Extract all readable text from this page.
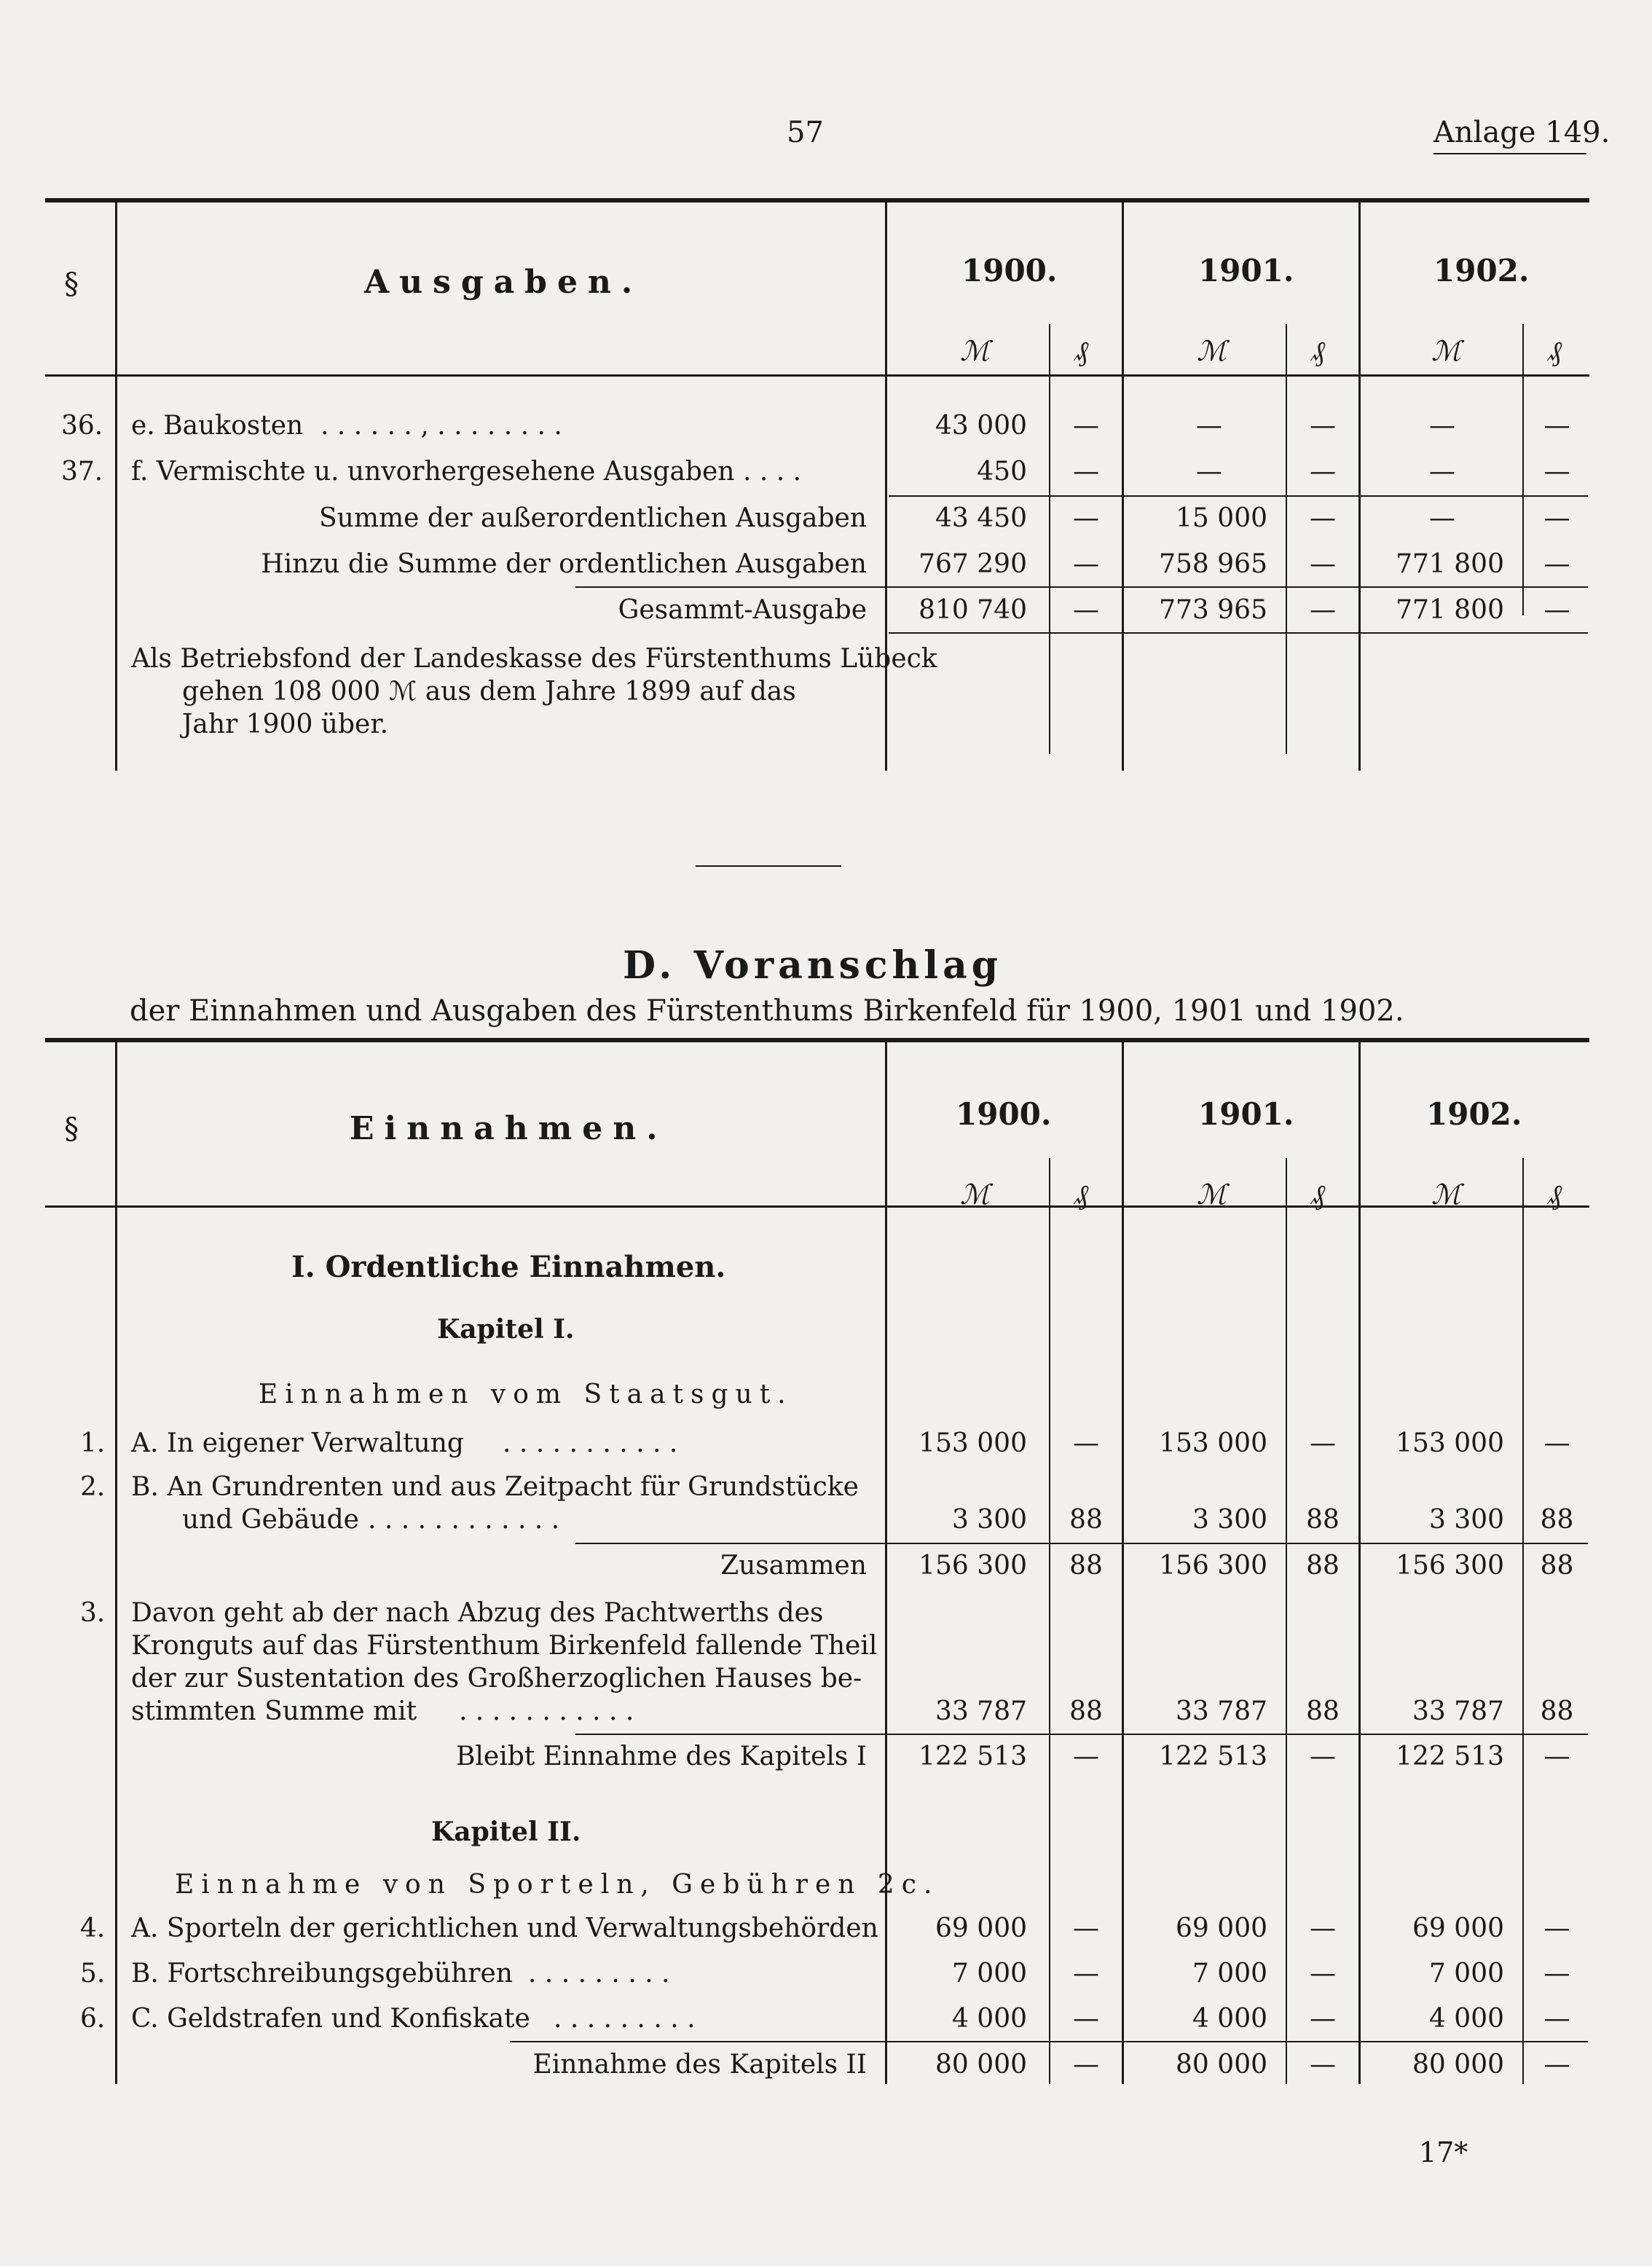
57	Anlage 149.
§	Ausgaben.	1900.	1901.	1902.
ℳ	₰	ℳ	₰	ℳ	₰
36. e. Baukosten . . . . . . , . . . . . . . .	43 000	—	—	—	—	—
37. f. Vermischte u. unvorhergesehene Ausgaben . . . .	450	—	—	—	—	—
Summe der außerordentlichen Ausgaben	43 450	—	15 000	—	—	—
Hinzu die Summe der ordentlichen Ausgaben	767 290	—	758 965	—	771 800	—
Gesammt-Ausgabe	810 740	—	773 965	—	771 800	—
Als Betriebsfond der Landeskasse des Fürstenthums Lübeck
gehen 108 000 ℳ aus dem Jahre 1899 auf das
Jahr 1900 über.
D. Voranschlag
der Einnahmen und Ausgaben des Fürstenthums Birkenfeld für 1900, 1901 und 1902.
§	Einnahmen.	1900.	1901.	1902.
ℳ	₰	ℳ	₰	ℳ	₰
I. Ordentliche Einnahmen.
Kapitel I.
Einnahmen vom Staatsgut.
1. A. In eigener Verwaltung . . . . . . . . . . .	153 000	—	153 000	—	153 000	—
2. B. An Grundrenten und aus Zeitpacht für Grundstücke
und Gebäude . . . . . . . . . . . .	3 300	88	3 300	88	3 300	88
Zusammen	156 300	88	156 300	88	156 300	88
3. Davon geht ab der nach Abzug des Pachtwerths des
Kronguts auf das Fürstenthum Birkenfeld fallende Theil
der zur Sustentation des Großherzoglichen Hauses be-
stimmten Summe mit . . . . . . . . . . .	33 787	88	33 787	88	33 787	88
Bleibt Einnahme des Kapitels I	122 513	—	122 513	—	122 513	—
Kapitel II.
Einnahme von Sporteln, Gebühren 2c.
4. A. Sporteln der gerichtlichen und Verwaltungsbehörden	69 000	—	69 000	—	69 000	—
5. B. Fortschreibungsgebühren . . . . . . . . .	7 000	—	7 000	—	7 000	—
6. C. Geldstrafen und Konfiskate . . . . . . . . .	4 000	—	4 000	—	4 000	—
Einnahme des Kapitels II	80 000	—	80 000	—	80 000	—
17*
